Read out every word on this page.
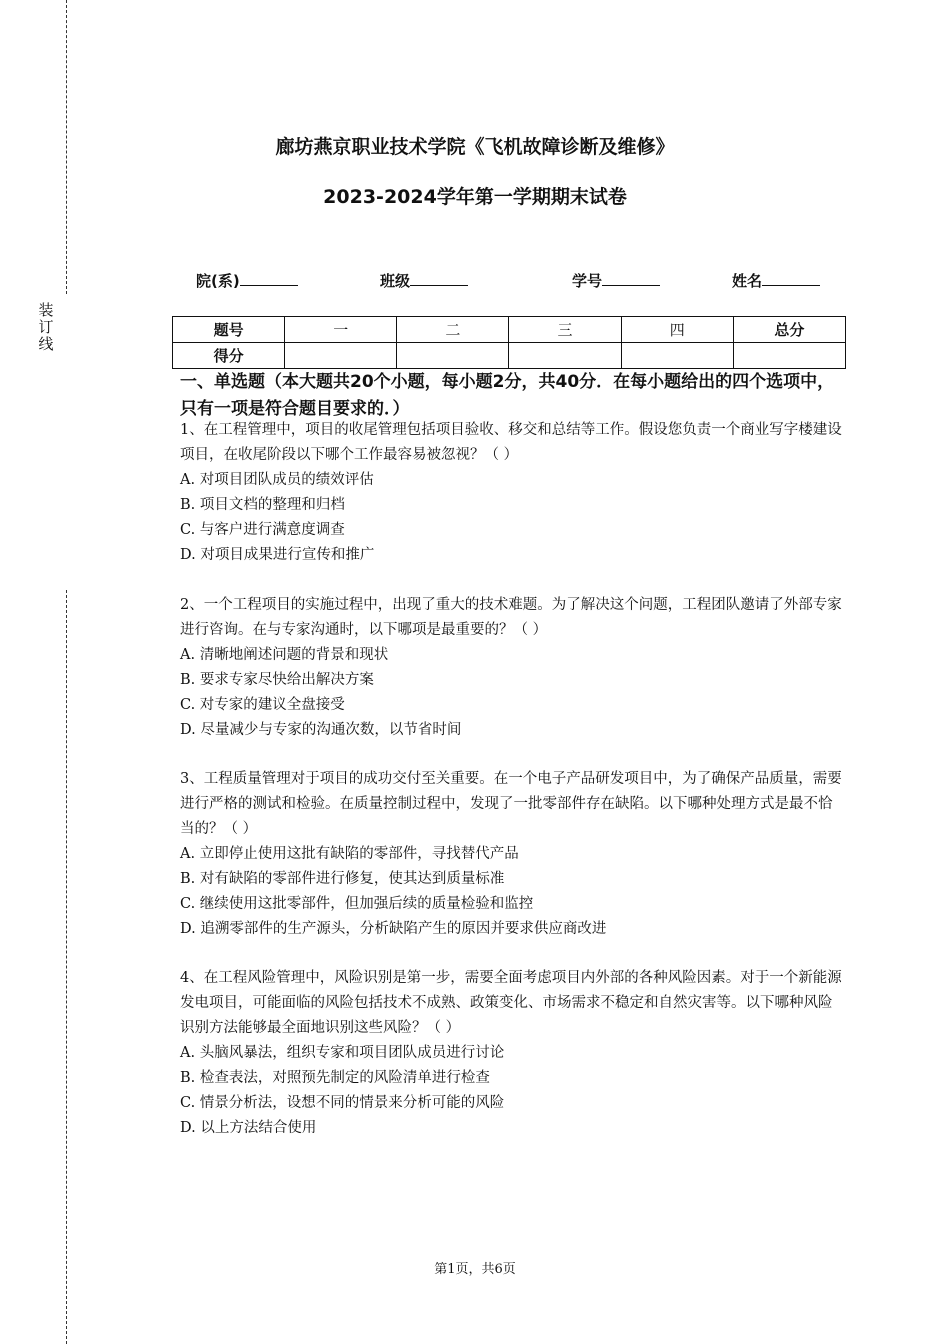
装
订
线
廊坊燕京职业技术学院《飞机故障诊断及维修》
2023-2024学年第一学期期末试卷
院(系)	班级	学号	姓名
题号	一	二	三	四	总分
得分					
一、单选题（本大题共20个小题，每小题2分，共40分．在每小题给出的四个选项中，只有一项是符合题目要求的．）

1、在工程管理中，项目的收尾管理包括项目验收、移交和总结等工作。假设您负责一个商业写字楼建设项目，在收尾阶段以下哪个工作最容易被忽视？（ ）

A. 对项目团队成员的绩效评估

B. 项目文档的整理和归档

C. 与客户进行满意度调查

D. 对项目成果进行宣传和推广

2、一个工程项目的实施过程中，出现了重大的技术难题。为了解决这个问题，工程团队邀请了外部专家进行咨询。在与专家沟通时，以下哪项是最重要的？（ ）

A. 清晰地阐述问题的背景和现状

B. 要求专家尽快给出解决方案

C. 对专家的建议全盘接受

D. 尽量减少与专家的沟通次数，以节省时间

3、工程质量管理对于项目的成功交付至关重要。在一个电子产品研发项目中，为了确保产品质量，需要进行严格的测试和检验。在质量控制过程中，发现了一批零部件存在缺陷。以下哪种处理方式是最不恰当的？（ ）

A. 立即停止使用这批有缺陷的零部件，寻找替代产品

B. 对有缺陷的零部件进行修复，使其达到质量标准

C. 继续使用这批零部件，但加强后续的质量检验和监控

D. 追溯零部件的生产源头，分析缺陷产生的原因并要求供应商改进

4、在工程风险管理中，风险识别是第一步，需要全面考虑项目内外部的各种风险因素。对于一个新能源发电项目，可能面临的风险包括技术不成熟、政策变化、市场需求不稳定和自然灾害等。以下哪种风险识别方法能够最全面地识别这些风险？（ ）

A. 头脑风暴法，组织专家和项目团队成员进行讨论

B. 检查表法，对照预先制定的风险清单进行检查

C. 情景分析法，设想不同的情景来分析可能的风险

D. 以上方法结合使用

第1页，共6页
